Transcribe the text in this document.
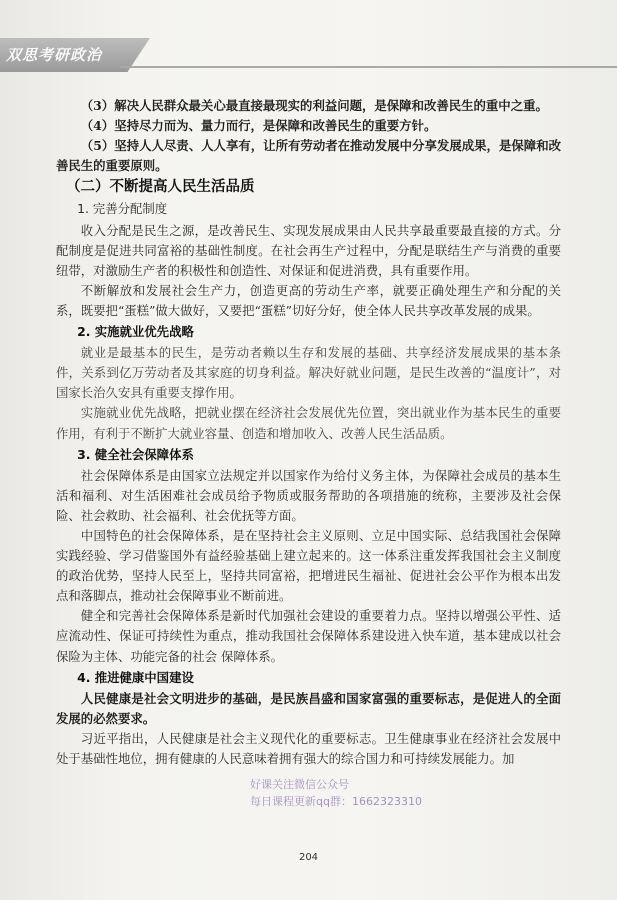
双思考研政治

（3）解决人民群众最关心最直接最现实的利益问题，是保障和改善民生的重中之重。

（4）坚持尽力而为、量力而行，是保障和改善民生的重要方针。

（5）坚持人人尽责、人人享有，让所有劳动者在推动发展中分享发展成果，是保障和改善民生的重要原则。

（二）不断提高人民生活品质
1. 完善分配制度

收入分配是民生之源，是改善民生、实现发展成果由人民共享最重要最直接的方式。分配制度是促进共同富裕的基础性制度。在社会再生产过程中，分配是联结生产与消费的重要纽带，对激励生产者的积极性和创造性、对保证和促进消费，具有重要作用。

不断解放和发展社会生产力，创造更高的劳动生产率，就要正确处理生产和分配的关系，既要把“蛋糕”做大做好，又要把“蛋糕”切好分好，使全体人民共享改革发展的成果。

2. 实施就业优先战略

就业是最基本的民生，是劳动者赖以生存和发展的基础、共享经济发展成果的基本条件，关系到亿万劳动者及其家庭的切身利益。解决好就业问题，是民生改善的“温度计”，对国家长治久安具有重要支撑作用。

实施就业优先战略，把就业摆在经济社会发展优先位置，突出就业作为基本民生的重要作用，有利于不断扩大就业容量、创造和增加收入、改善人民生活品质。

3. 健全社会保障体系

社会保障体系是由国家立法规定并以国家作为给付义务主体，为保障社会成员的基本生活和福利、对生活困难社会成员给予物质或服务帮助的各项措施的统称，主要涉及社会保险、社会救助、社会福利、社会优抚等方面。

中国特色的社会保障体系，是在坚持社会主义原则、立足中国实际、总结我国社会保障实践经验、学习借鉴国外有益经验基础上建立起来的。这一体系注重发挥我国社会主义制度的政治优势，坚持人民至上，坚持共同富裕，把增进民生福祉、促进社会公平作为根本出发点和落脚点，推动社会保障事业不断前进。

健全和完善社会保障体系是新时代加强社会建设的重要着力点。坚持以增强公平性、适应流动性、保证可持续性为重点，推动我国社会保障体系建设进入快车道，基本建成以社会保险为主体、功能完备的社会 保障体系。

4. 推进健康中国建设

人民健康是社会文明进步的基础，是民族昌盛和国家富强的重要标志，是促进人的全面发展的必然要求。

习近平指出，人民健康是社会主义现代化的重要标志。卫生健康事业在经济社会发展中处于基础性地位，拥有健康的人民意味着拥有强大的综合国力和可持续发展能力。加

好课关注微信公众号
每日课程更新qq群：1662323310
204
